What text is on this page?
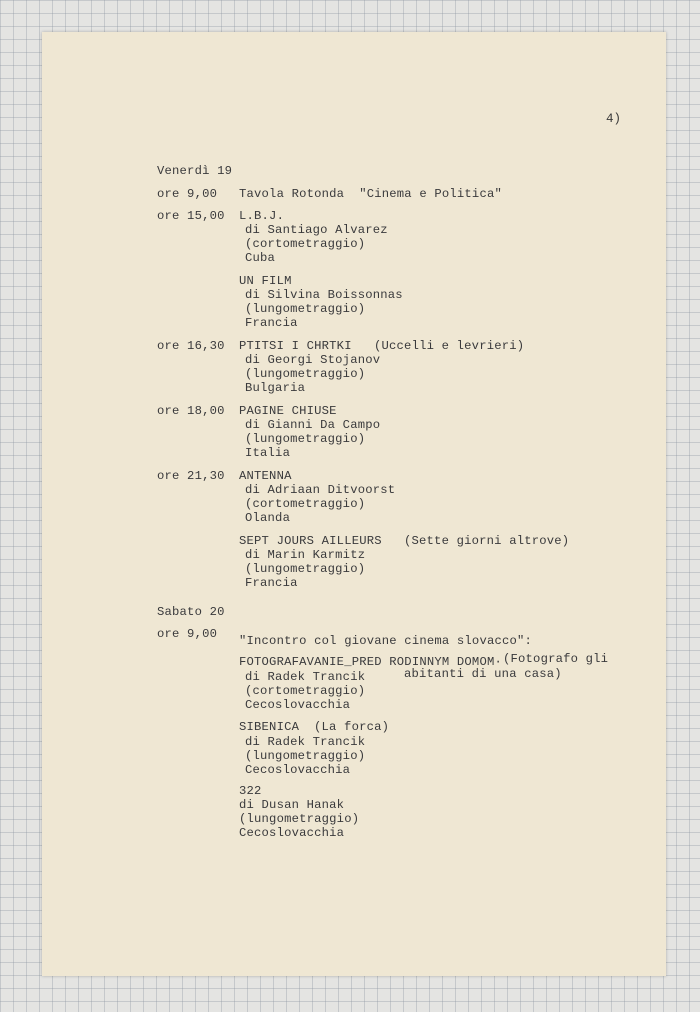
4)
Venerdì 19
ore 9,00 Tavola Rotonda  "Cinema e Politica"
ore 15,00 L.B.J.
di Santiago Alvarez
(cortometraggio)
Cuba
UN FILM
di Silvina Boissonnas
(lungometraggio)
Francia
ore 16,30 PTITSI I CHRTKI (Uccelli e levrieri)
di Georgi Stojanov
(lungometraggio)
Bulgaria
ore 18,00 PAGINE CHIUSE
di Gianni Da Campo
(lungometraggio)
Italia
ore 21,30 ANTENNA
di Adriaan Ditvoorst
(cortometraggio)
Olanda
SEPT JOURS AILLEURS (Sette giorni altrove)
di Marin Karmitz
(lungometraggio)
Francia
Sabato 20
ore 9,00 "Incontro col giovane cinema slovacco":
FOTOGRAFAVANIE_PRED RODINNYM DOMOM· (Fotografo gli
abitanti di una casa)
di Radek Trancik
(cortometraggio)
Cecoslovacchia
SIBENICA (La forca)
di Radek Trancik
(lungometraggio)
Cecoslovacchia
322
di Dusan Hanak
(lungometraggio)
Cecoslovacchia
